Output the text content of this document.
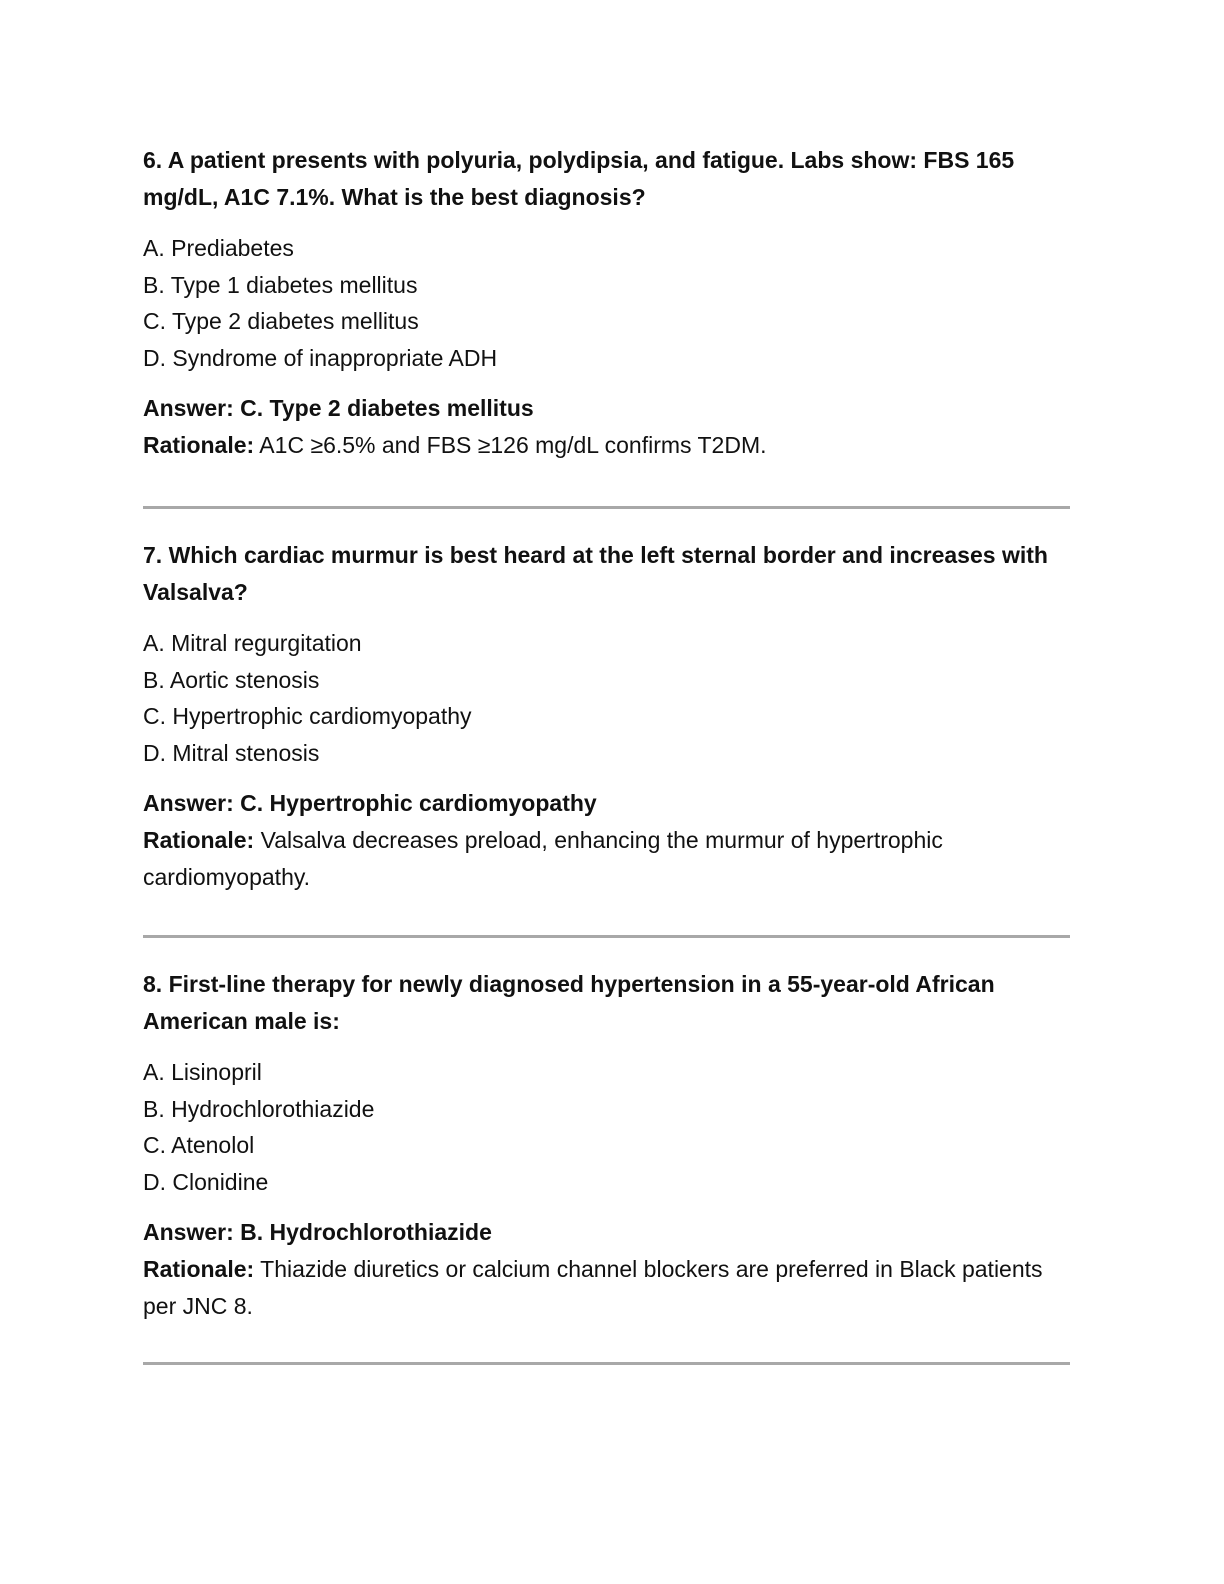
6. A patient presents with polyuria, polydipsia, and fatigue. Labs show: FBS 165 mg/dL, A1C 7.1%. What is the best diagnosis?

A. Prediabetes
B. Type 1 diabetes mellitus
C. Type 2 diabetes mellitus
D. Syndrome of inappropriate ADH
Answer: C. Type 2 diabetes mellitus
Rationale: A1C ≥6.5% and FBS ≥126 mg/dL confirms T2DM.

7. Which cardiac murmur is best heard at the left sternal border and increases with Valsalva?

A. Mitral regurgitation
B. Aortic stenosis
C. Hypertrophic cardiomyopathy
D. Mitral stenosis
Answer: C. Hypertrophic cardiomyopathy
Rationale: Valsalva decreases preload, enhancing the murmur of hypertrophic cardiomyopathy.

8. First-line therapy for newly diagnosed hypertension in a 55-year-old African American male is:

A. Lisinopril
B. Hydrochlorothiazide
C. Atenolol
D. Clonidine
Answer: B. Hydrochlorothiazide
Rationale: Thiazide diuretics or calcium channel blockers are preferred in Black patients per JNC 8.
